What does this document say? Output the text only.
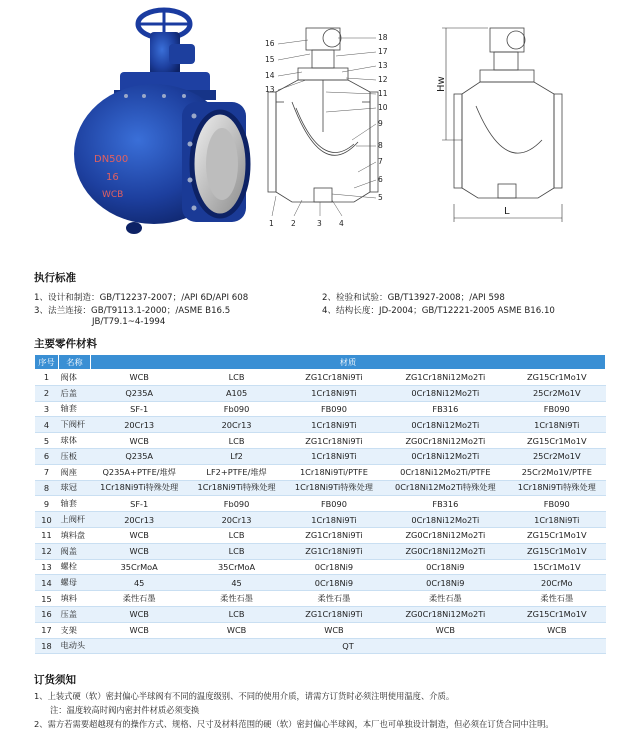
DN500
16
WCB
16
15
14
13
18
17
13
12
11
10
9
8
7
6
5
1 2	3 4
Hw
L
执行标准
1、设计和制造：GB/T12237-2007；/API 6D/API 608	2、检验和试验：GB/T13927-2008；/API 598
3、法兰连接：GB/T9113.1-2000；/ASME B16.5	4、结构长度：JD-2004；GB/T12221-2005 ASME B16.10
JB/T79.1~4-1994
主要零件材料
序号	名称	材质				
1	阀体	WCB	LCB	ZG1Cr18Ni9Ti	ZG1Cr18Ni12Mo2Ti	ZG15Cr1Mo1V
2	后盖	Q235A	A105	1Cr18Ni9Ti	0Cr18Ni12Mo2Ti	25Cr2Mo1V
3	轴套	SF-1	Fb090	FB090	FB316	FB090
4	下阀杆	20Cr13	20Cr13	1Cr18Ni9Ti	0Cr18Ni12Mo2Ti	1Cr18Ni9Ti
5	球体	WCB	LCB	ZG1Cr18Ni9Ti	ZG0Cr18Ni12Mo2Ti	ZG15Cr1Mo1V
6	压板	Q235A	Lf2	1Cr18Ni9Ti	0Cr18Ni12Mo2Ti	25Cr2Mo1V
7	阀座	Q235A+PTFE/堆焊	LF2+PTFE/堆焊	1Cr18Ni9Ti/PTFE	0Cr18Ni12Mo2Ti/PTFE	25Cr2Mo1V/PTFE
8	球冠	1Cr18Ni9Ti特殊处理	1Cr18Ni9Ti特殊处理	1Cr18Ni9Ti特殊处理	0Cr18Ni12Mo2Ti特殊处理	1Cr18Ni9Ti特殊处理
9	轴套	SF-1	Fb090	FB090	FB316	FB090
10	上阀杆	20Cr13	20Cr13	1Cr18Ni9Ti	0Cr18Ni12Mo2Ti	1Cr18Ni9Ti
11	填料盘	WCB	LCB	ZG1Cr18Ni9Ti	ZG0Cr18Ni12Mo2Ti	ZG15Cr1Mo1V
12	阀盖	WCB	LCB	ZG1Cr18Ni9Ti	ZG0Cr18Ni12Mo2Ti	ZG15Cr1Mo1V
13	螺栓	35CrMoA	35CrMoA	0Cr18Ni9	0Cr18Ni9	15Cr1Mo1V
14	螺母	45	45	0Cr18Ni9	0Cr18Ni9	20CrMo
15	填料	柔性石墨	柔性石墨	柔性石墨	柔性石墨	柔性石墨
16	压盖	WCB	LCB	ZG1Cr18Ni9Ti	ZG0Cr18Ni12Mo2Ti	ZG15Cr1Mo1V
17	支架	WCB	WCB	WCB	WCB	WCB
18	电动头	QT				
订货须知
1、上装式硬（软）密封偏心半球阀有不同的温度级别、不同的使用介质，请需方订货时必须注明使用温度、介质。
注：温度较高时阀内密封件材质必须变换
2、需方若需要超越现有的操作方式、规格、尺寸及材料范围的硬（软）密封偏心半球阀，本厂也可单独设计制造，但必须在订货合同中注明。
